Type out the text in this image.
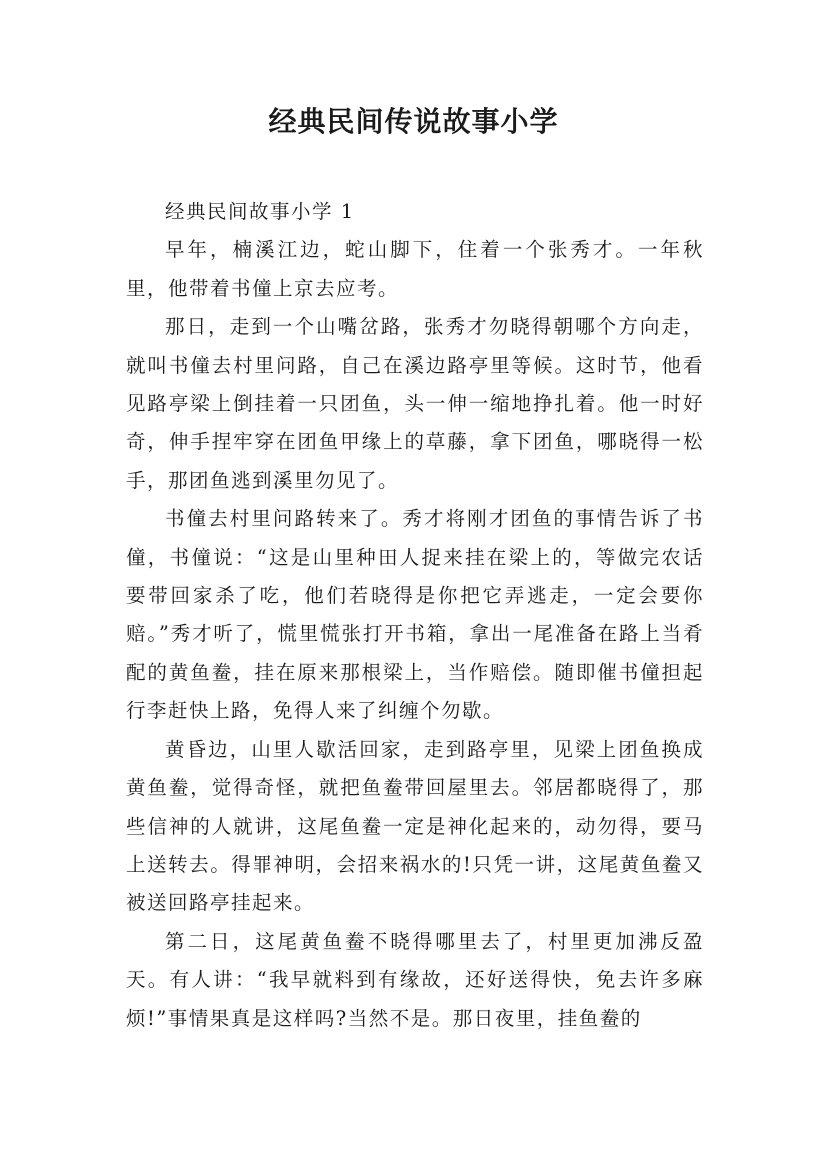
经典民间传说故事小学

经典民间故事小学 1

早年，楠溪江边，蛇山脚下，住着一个张秀才。一年秋里，他带着书僮上京去应考。

那日，走到一个山嘴岔路，张秀才勿晓得朝哪个方向走，就叫书僮去村里问路，自己在溪边路亭里等候。这时节，他看见路亭梁上倒挂着一只团鱼，头一伸一缩地挣扎着。他一时好奇，伸手捏牢穿在团鱼甲缘上的草藤，拿下团鱼，哪晓得一松手，那团鱼逃到溪里勿见了。

书僮去村里问路转来了。秀才将刚才团鱼的事情告诉了书僮，书僮说：“这是山里种田人捉来挂在梁上的，等做完农话要带回家杀了吃，他们若晓得是你把它弄逃走，一定会要你赔。”秀才听了，慌里慌张打开书箱，拿出一尾准备在路上当肴配的黄鱼鲞，挂在原来那根梁上，当作赔偿。随即催书僮担起行李赶快上路，免得人来了纠缠个勿歇。

黄昏边，山里人歇活回家，走到路亭里，见梁上团鱼换成黄鱼鲞，觉得奇怪，就把鱼鲞带回屋里去。邻居都晓得了，那些信神的人就讲，这尾鱼鲞一定是神化起来的，动勿得，要马上送转去。得罪神明，会招来祸水的!只凭一讲，这尾黄鱼鲞又被送回路亭挂起来。

第二日，这尾黄鱼鲞不晓得哪里去了，村里更加沸反盈天。有人讲：“我早就料到有缘故，还好送得快，免去许多麻烦!”事情果真是这样吗?当然不是。那日夜里，挂鱼鲞的
